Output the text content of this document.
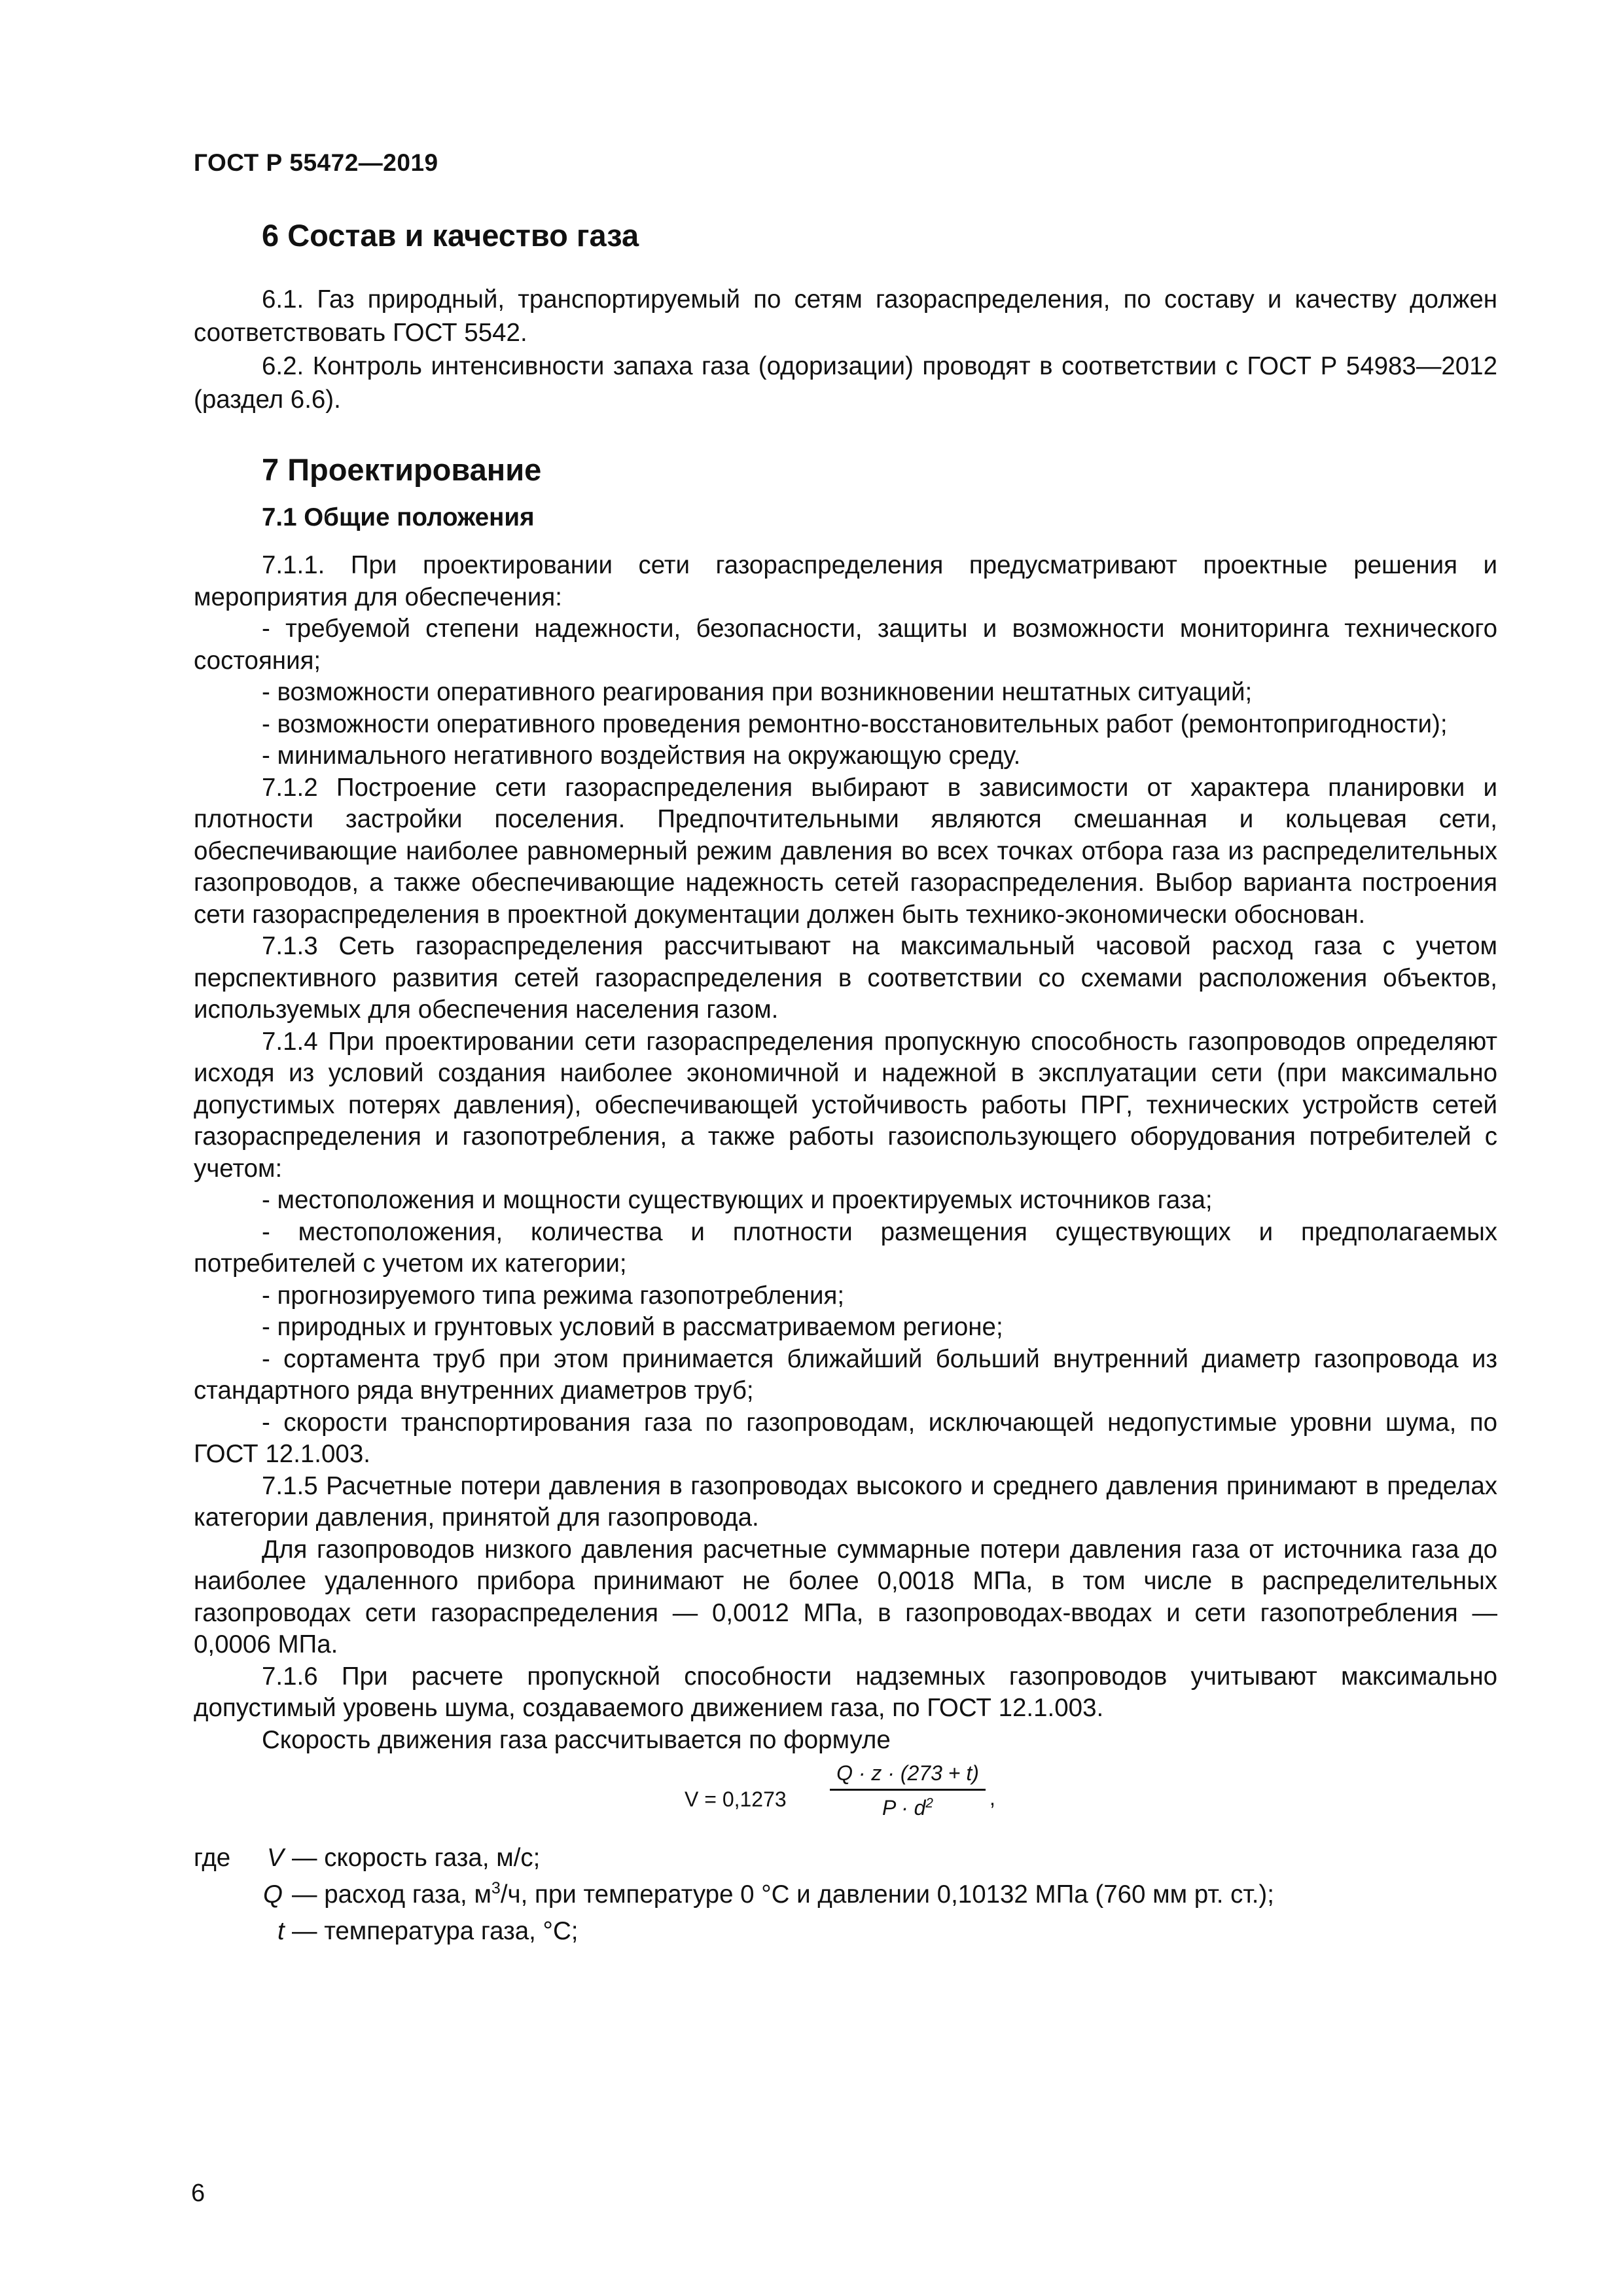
ГОСТ Р 55472—2019
6 Состав и качество газа

6.1. Газ природный, транспортируемый по сетям газораспределения, по составу и качеству должен соответствовать ГОСТ 5542.

6.2. Контроль интенсивности запаха газа (одоризации) проводят в соответствии с ГОСТ Р 54983—2012 (раздел 6.6).

7 Проектирование
7.1 Общие положения

7.1.1. При проектировании сети газораспределения предусматривают проектные решения и мероприятия для обеспечения:

- требуемой степени надежности, безопасности, защиты и возможности мониторинга технического состояния;

- возможности оперативного реагирования при возникновении нештатных ситуаций;

- возможности оперативного проведения ремонтно-восстановительных работ (ремонтопригодности);

- минимального негативного воздействия на окружающую среду.

7.1.2 Построение сети газораспределения выбирают в зависимости от характера планировки и плотности застройки поселения. Предпочтительными являются смешанная и кольцевая сети, обеспечивающие наиболее равномерный режим давления во всех точках отбора газа из распределительных газопроводов, а также обеспечивающие надежность сетей газораспределения. Выбор варианта построения сети газораспределения в проектной документации должен быть технико-экономически обоснован.

7.1.3 Сеть газораспределения рассчитывают на максимальный часовой расход газа с учетом перспективного развития сетей газораспределения в соответствии со схемами расположения объектов, используемых для обеспечения населения газом.

7.1.4 При проектировании сети газораспределения пропускную способность газопроводов определяют исходя из условий создания наиболее экономичной и надежной в эксплуатации сети (при максимально допустимых потерях давления), обеспечивающей устойчивость работы ПРГ, технических устройств сетей газораспределения и газопотребления, а также работы газоиспользующего оборудования потребителей с учетом:

- местоположения и мощности существующих и проектируемых источников газа;

- местоположения, количества и плотности размещения существующих и предполагаемых потребителей с учетом их категории;

- прогнозируемого типа режима газопотребления;

- природных и грунтовых условий в рассматриваемом регионе;

- сортамента труб при этом принимается ближайший больший внутренний диаметр газопровода из стандартного ряда внутренних диаметров труб;

- скорости транспортирования газа по газопроводам, исключающей недопустимые уровни шума, по ГОСТ 12.1.003.

7.1.5 Расчетные потери давления в газопроводах высокого и среднего давления принимают в пределах категории давления, принятой для газопровода.

Для газопроводов низкого давления расчетные суммарные потери давления газа от источника газа до наиболее удаленного прибора принимают не более 0,0018 МПа, в том числе в распределительных газопроводах сети газораспределения — 0,0012 МПа, в газопроводах-вводах и сети газопотребления — 0,0006 МПа.

7.1.6 При расчете пропускной способности надземных газопроводов учитывают максимально допустимый уровень шума, создаваемого движением газа, по ГОСТ 12.1.003.

Скорость движения газа рассчитывается по формуле

V = 0,1273
Q · z · (273 + t)
$P \cdot d^2$	,
где V — скорость газа, м/с;
Q — расход газа, $м^3/ч$, при температуре 0 °С и давлении 0,10132 МПа (760 мм рт. ст.);
t — температура газа, °С;
6
